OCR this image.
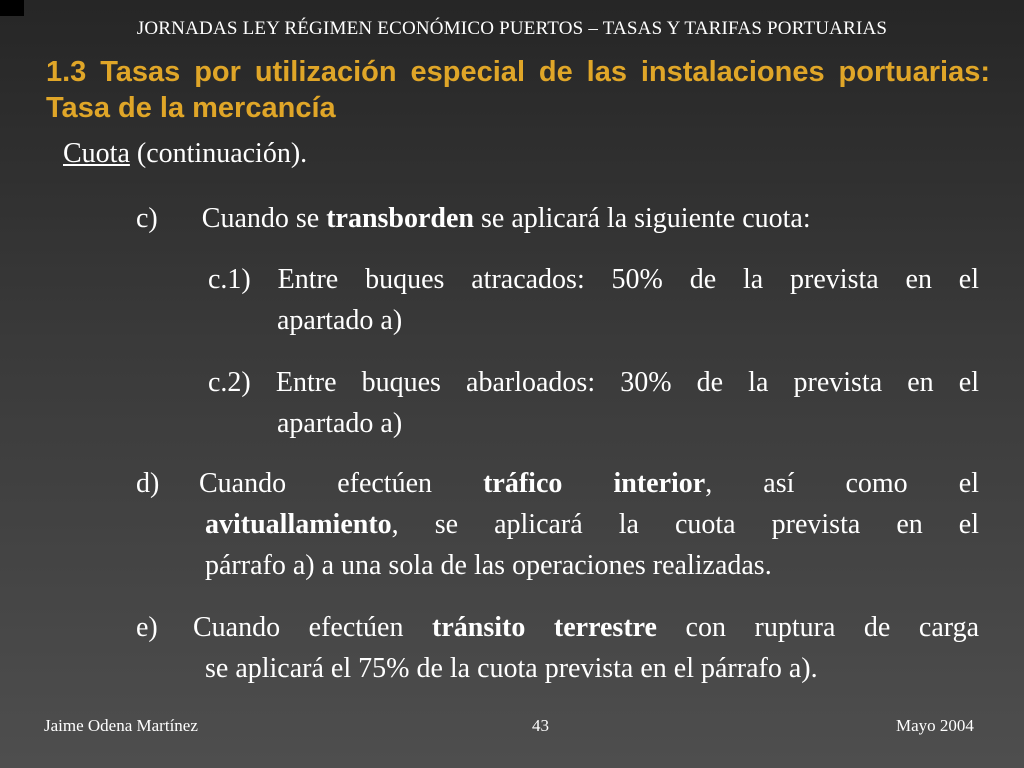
JORNADAS LEY RÉGIMEN ECONÓMICO PUERTOS – TASAS Y TARIFAS PORTUARIAS
1.3 Tasas por utilización especial de las instalaciones portuarias: Tasa de la mercancía
Cuota (continuación).
c) Cuando se transborden se aplicará la siguiente cuota:
c.1) Entre buques atracados: 50% de la prevista en el
apartado a)
c.2) Entre buques abarloados: 30% de la prevista en el
apartado a)
d) Cuando efectúen tráfico interior, así como el
avituallamiento, se aplicará la cuota prevista en el
párrafo a) a una sola de las operaciones realizadas.
e) Cuando efectúen tránsito terrestre con ruptura de carga
se aplicará el 75% de la cuota prevista en el párrafo a).
Jaime Odena Martínez	43	Mayo 2004
